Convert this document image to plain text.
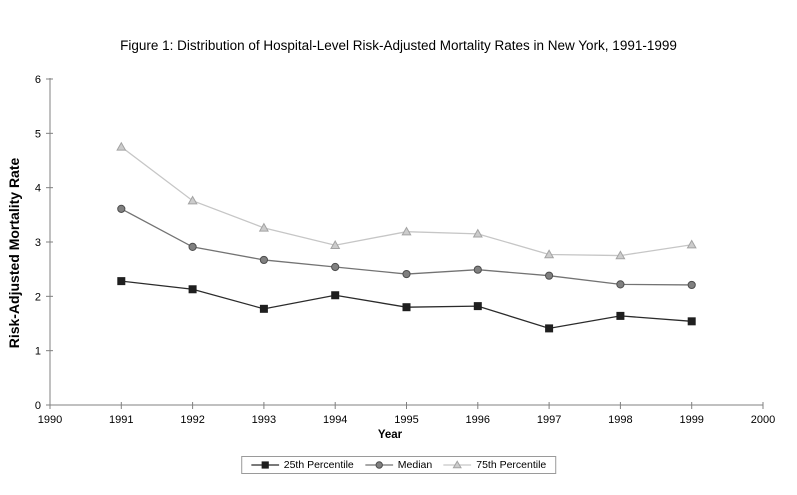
Figure 1: Distribution of Hospital-Level Risk-Adjusted Mortality Rates in New York, 1991-1999
0
1
2
3
4
5
6
1990	1991	1992	1993	1994	1995	1996	1997	1998	1999	2000
Risk-Adjusted Mortality Rate
Year
25th Percentile	Median	75th Percentile
